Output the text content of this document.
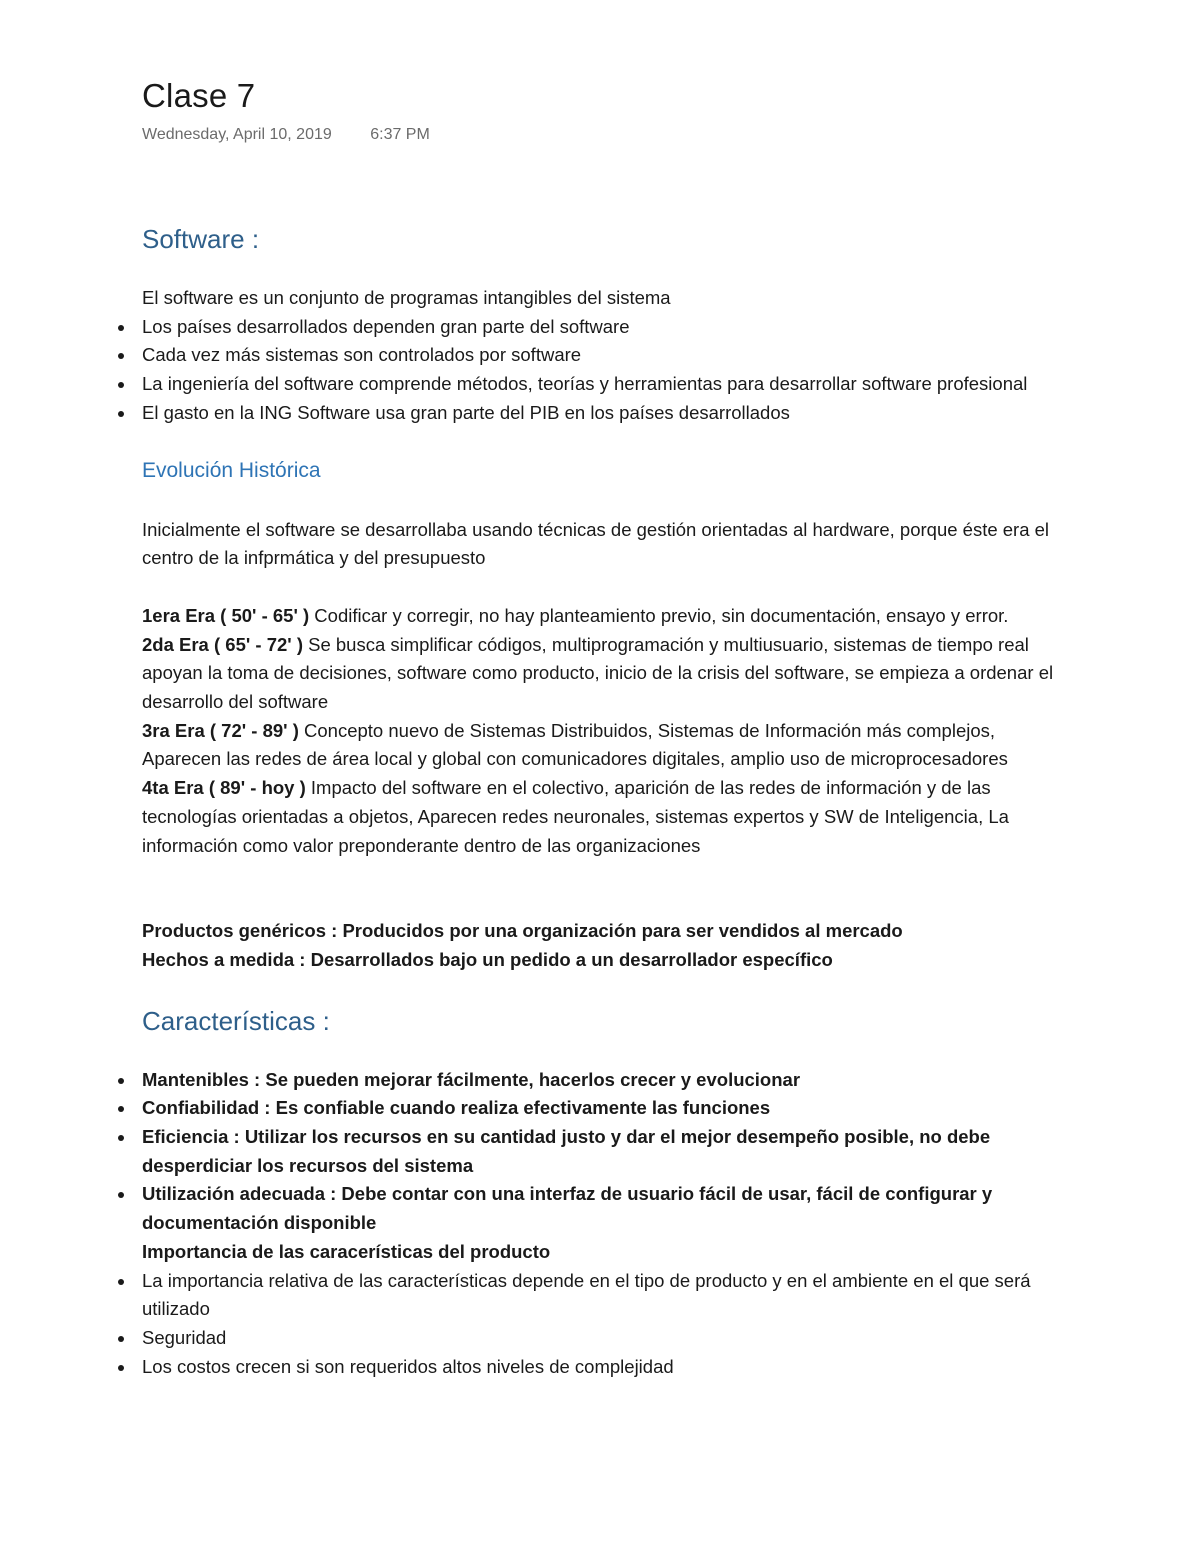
Clase 7
Wednesday, April 10, 2019 6:37 PM
Software :
El software es un conjunto de programas intangibles del sistema
Los países desarrollados dependen gran parte del software
Cada vez más sistemas son controlados por software
La ingeniería del software comprende métodos, teorías y herramientas para desarrollar software profesional
El gasto en la ING Software usa gran parte del PIB en los países desarrollados
Evolución Histórica

Inicialmente el software se desarrollaba usando técnicas de gestión orientadas al hardware, porque éste era el centro de la infprmática y del presupuesto

1era Era ( 50' - 65' ) Codificar y corregir, no hay planteamiento previo, sin documentación, ensayo y error.

2da Era ( 65' - 72' ) Se busca simplificar códigos, multiprogramación y multiusuario, sistemas de tiempo real apoyan la toma de decisiones, software como producto, inicio de la crisis del software, se empieza a ordenar el desarrollo del software

3ra Era ( 72' - 89' ) Concepto nuevo de Sistemas Distribuidos, Sistemas de Información más complejos, Aparecen las redes de área local y global con comunicadores digitales, amplio uso de microprocesadores

4ta Era ( 89' - hoy ) Impacto del software en el colectivo, aparición de las redes de información y de las tecnologías orientadas a objetos, Aparecen redes neuronales, sistemas expertos y SW de Inteligencia, La información como valor preponderante dentro de las organizaciones

Productos genéricos : Producidos por una organización para ser vendidos al mercado

Hechos a medida : Desarrollados bajo un pedido a un desarrollador específico

Características :
Mantenibles : Se pueden mejorar fácilmente, hacerlos crecer y evolucionar
Confiabilidad : Es confiable cuando realiza efectivamente las funciones
Eficiencia : Utilizar los recursos en su cantidad justo y dar el mejor desempeño posible, no debe desperdiciar los recursos del sistema
Utilización adecuada : Debe contar con una interfaz de usuario fácil de usar, fácil de configurar y documentación disponible
Importancia de las caracerísticas del producto
La importancia relativa de las características depende en el tipo de producto y en el ambiente en el que será utilizado
Seguridad
Los costos crecen si son requeridos altos niveles de complejidad
